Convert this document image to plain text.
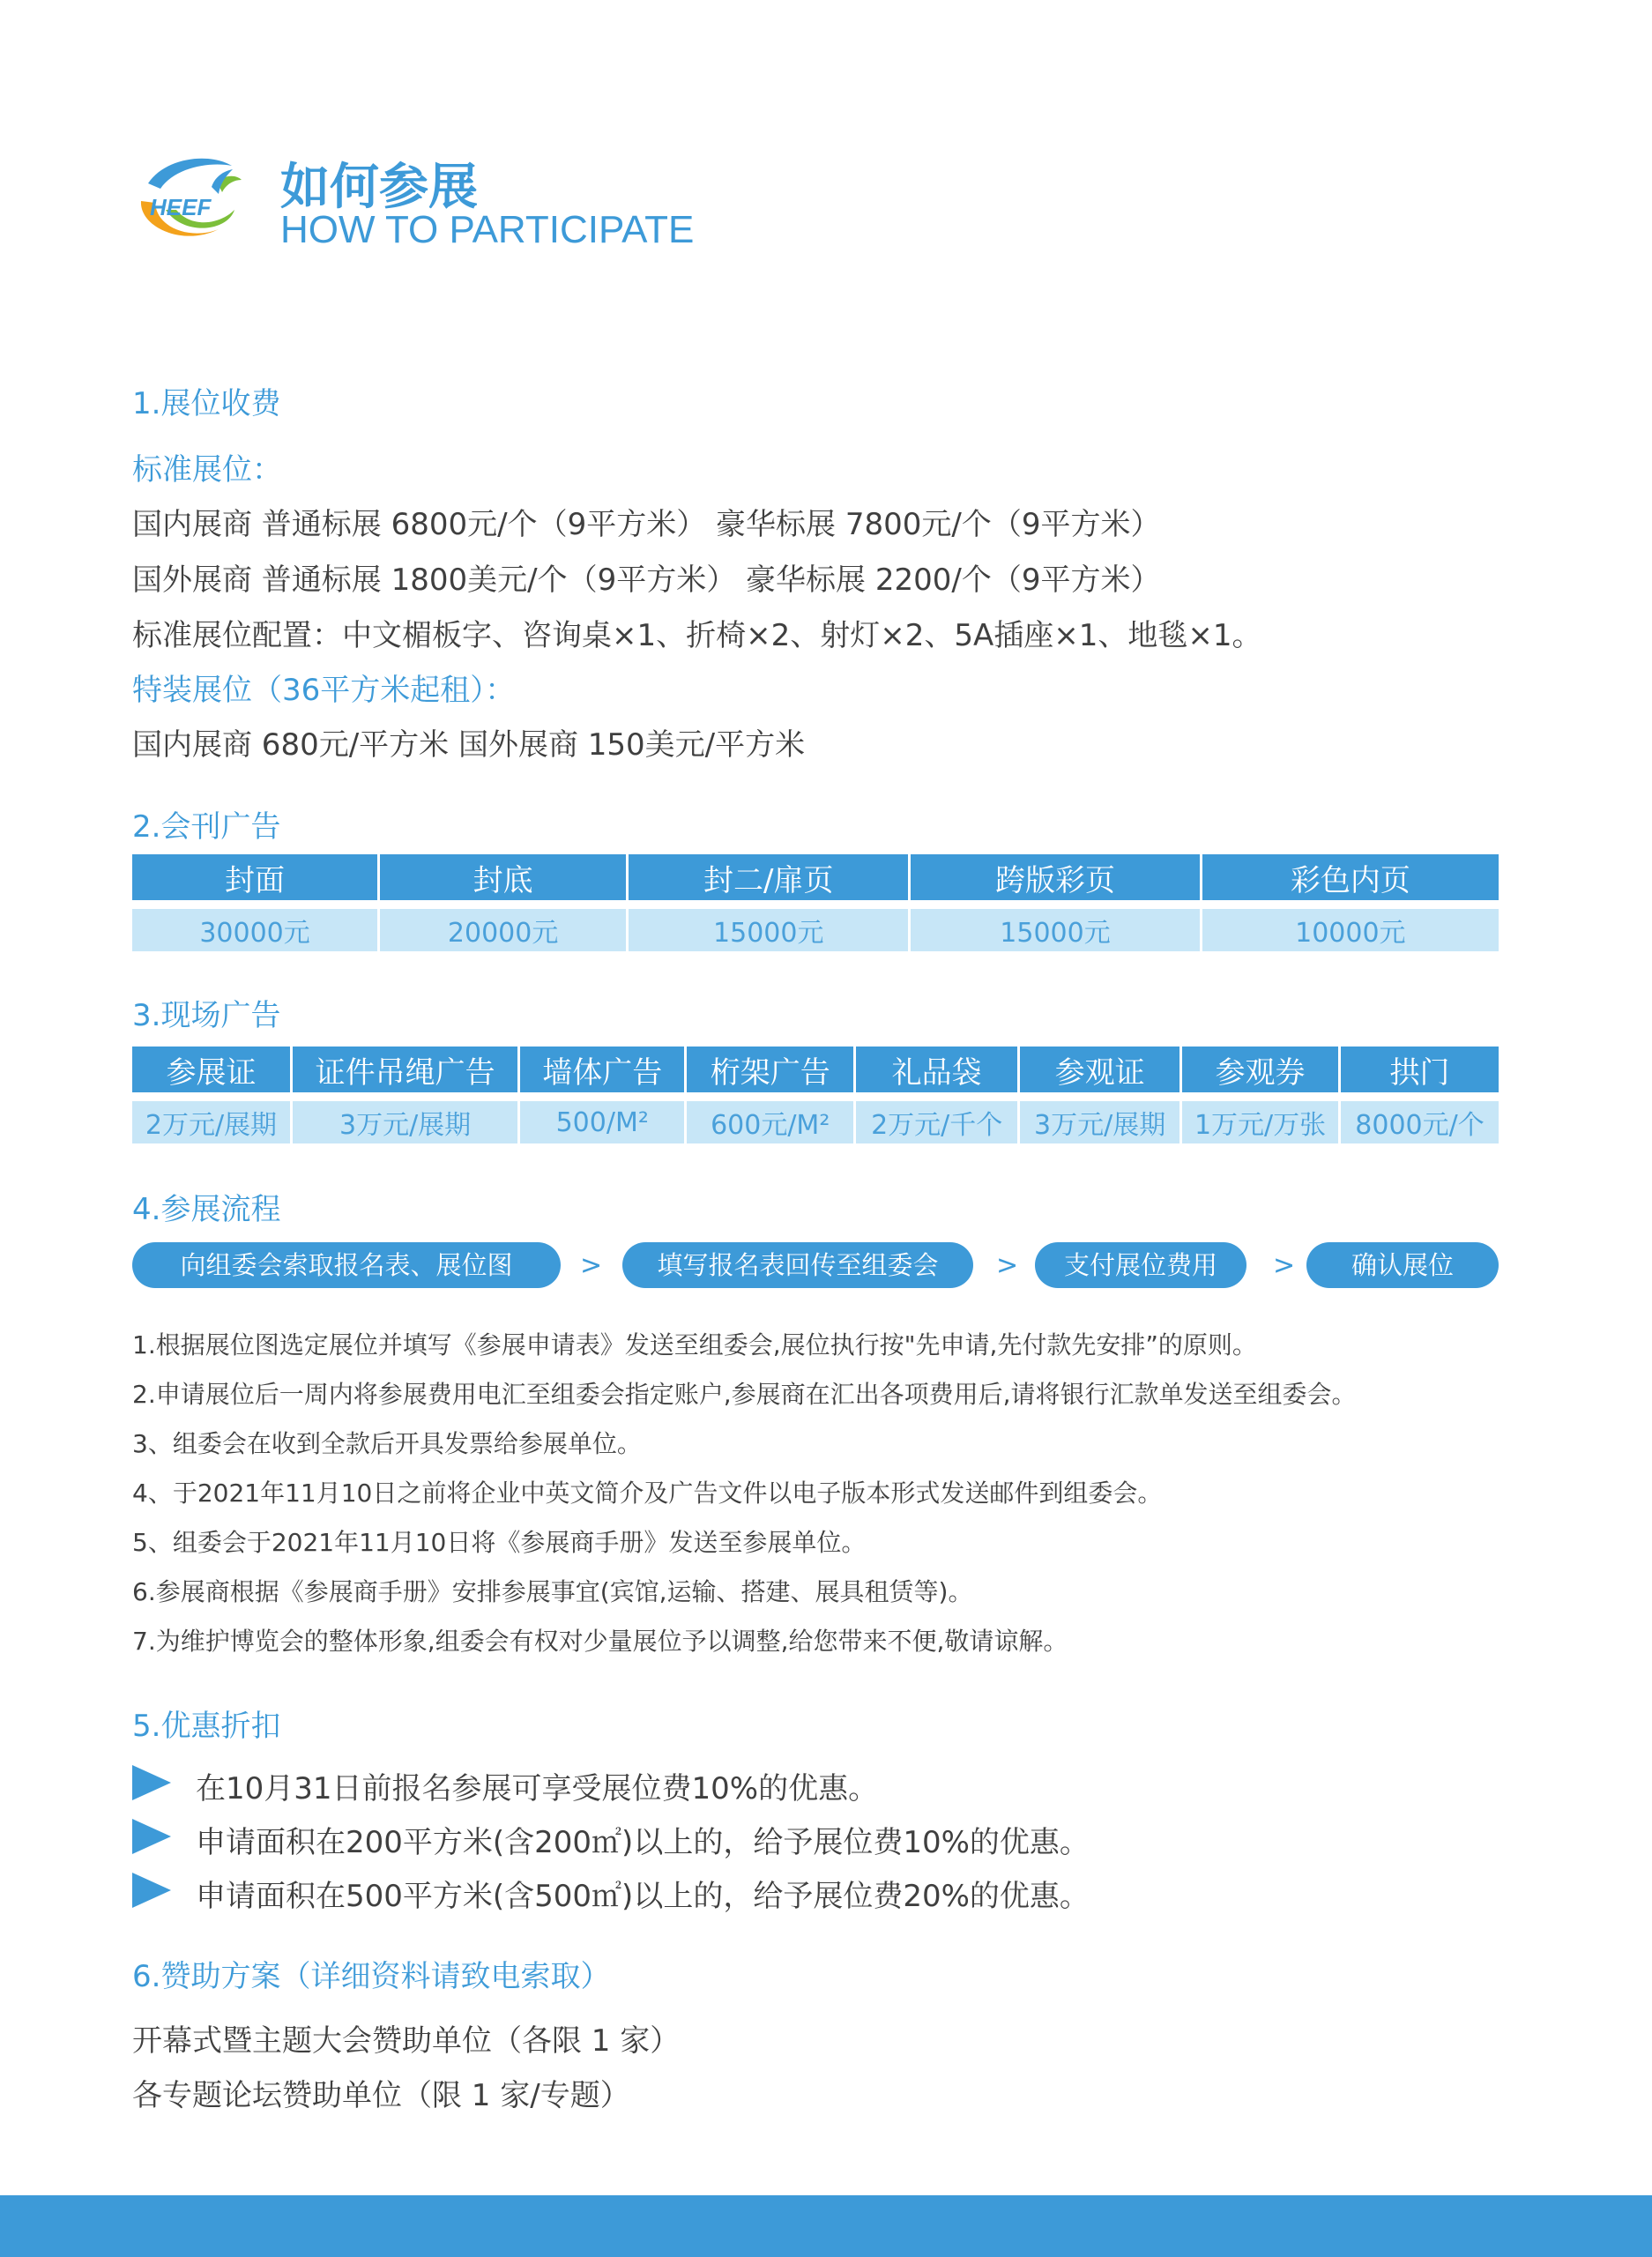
HEEF 如何参展
HOW TO PARTICIPATE
1.展位收费
标准展位：
国内展商 普通标展 6800元/个（9平方米） 豪华标展 7800元/个（9平方米）
国外展商 普通标展 1800美元/个（9平方米） 豪华标展 2200/个（9平方米）
标准展位配置：中文楣板字、咨询桌×1、折椅×2、射灯×2、5A插座×1、地毯×1。
特装展位（36平方米起租）：
国内展商 680元/平方米 国外展商 150美元/平方米
2.会刊广告
封面	封底	封二/扉页	跨版彩页	彩色内页

30000元	20000元	15000元	15000元	10000元
3.现场广告
参展证	证件吊绳广告	墙体广告	桁架广告	礼品袋	参观证	参观券	拱门

2万元/展期	3万元/展期	500/M²	600元/M²	2万元/千个	3万元/展期	1万元/万张	8000元/个
4.参展流程
向组委会索取报名表、展位图	>	填写报名表回传至组委会	>	支付展位费用	>	确认展位
1.根据展位图选定展位并填写《参展申请表》发送至组委会,展位执行按"先申请,先付款先安排”的原则。
2.申请展位后一周内将参展费用电汇至组委会指定账户,参展商在汇出各项费用后,请将银行汇款单发送至组委会。
3、组委会在收到全款后开具发票给参展单位。
4、于2021年11月10日之前将企业中英文简介及广告文件以电子版本形式发送邮件到组委会。
5、组委会于2021年11月10日将《参展商手册》发送至参展单位。
6.参展商根据《参展商手册》安排参展事宜(宾馆,运输、搭建、展具租赁等)。
7.为维护博览会的整体形象,组委会有权对少量展位予以调整,给您带来不便,敬请谅解。
5.优惠折扣
在10月31日前报名参展可享受展位费10%的优惠。
申请面积在200平方米(含200㎡)以上的，给予展位费10%的优惠。
申请面积在500平方米(含500㎡)以上的，给予展位费20%的优惠。
6.赞助方案（详细资料请致电索取）
开幕式暨主题大会赞助单位（各限 1 家）
各专题论坛赞助单位（限 1 家/专题）
